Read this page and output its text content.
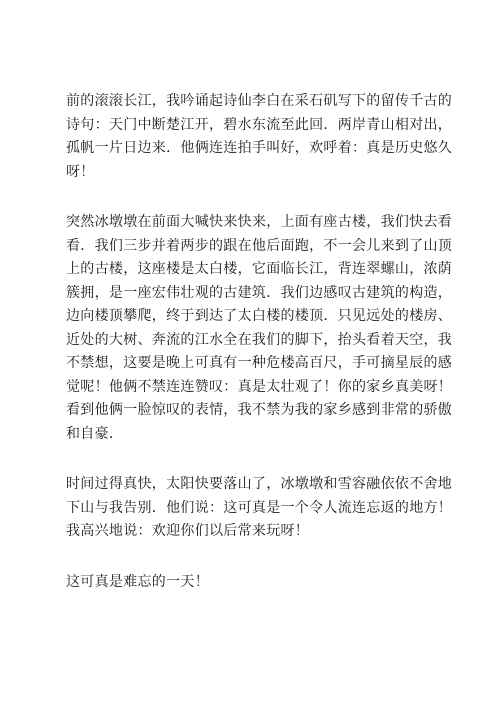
前的滚滚长江，我吟诵起诗仙李白在采石矶写下的留传千古的
诗句：天门中断楚江开，碧水东流至此回．两岸青山相对出，
孤帆一片日边来．他俩连连拍手叫好，欢呼着：真是历史悠久
呀！

突然冰墩墩在前面大喊快来快来，上面有座古楼，我们快去看
看．我们三步并着两步的跟在他后面跑，不一会儿来到了山顶
上的古楼，这座楼是太白楼，它面临长江，背连翠螺山，浓荫
簇拥，是一座宏伟壮观的古建筑．我们边感叹古建筑的构造，
边向楼顶攀爬，终于到达了太白楼的楼顶．只见远处的楼房、
近处的大树、奔流的江水全在我们的脚下，抬头看着天空，我
不禁想，这要是晚上可真有一种危楼高百尺，手可摘星辰的感
觉呢！他俩不禁连连赞叹：真是太壮观了！你的家乡真美呀！
看到他俩一脸惊叹的表情，我不禁为我的家乡感到非常的骄傲
和自豪．

时间过得真快，太阳快要落山了，冰墩墩和雪容融依依不舍地
下山与我告别．他们说：这可真是一个令人流连忘返的地方！
我高兴地说：欢迎你们以后常来玩呀！

这可真是难忘的一天！
